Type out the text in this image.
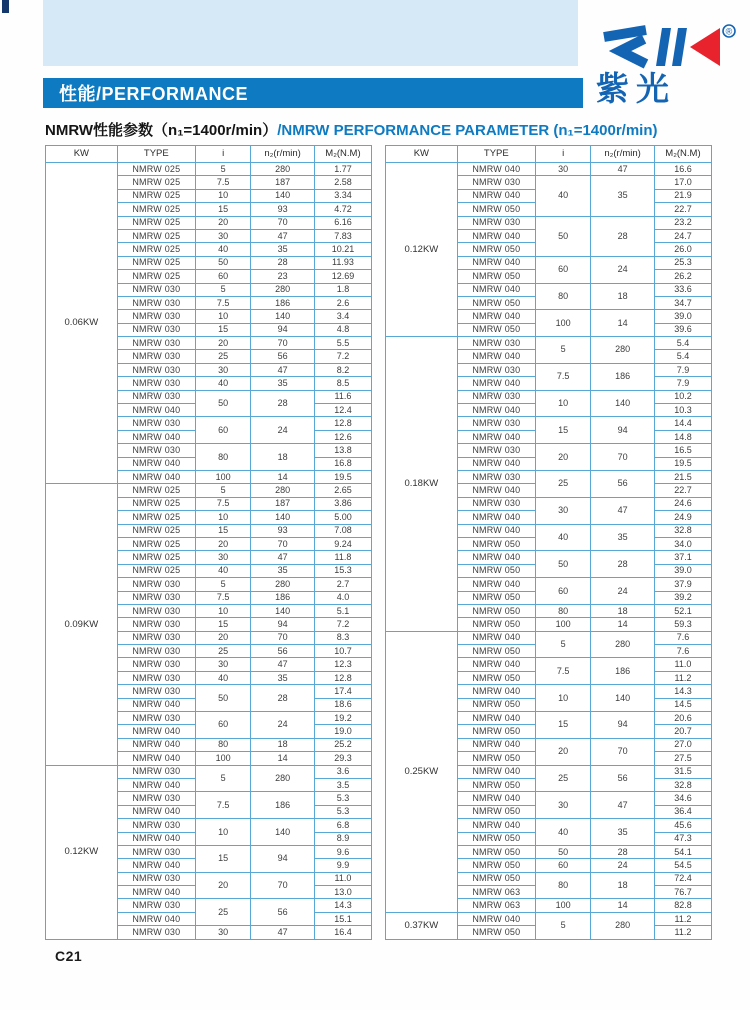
性能/PERFORMANCE
®
紫光
NMRW性能参数（n₁=1400r/min）/NMRW PERFORMANCE PARAMETER (n₁=1400r/min)
KW	TYPE	i	n₂(r/min)	M₂(N.M)
0.06KW	NMRW 025	5	280	1.77
	NMRW 025	7.5	187	2.58
	NMRW 025	10	140	3.34
	NMRW 025	15	93	4.72
	NMRW 025	20	70	6.16
	NMRW 025	30	47	7.83
	NMRW 025	40	35	10.21
	NMRW 025	50	28	11.93
	NMRW 025	60	23	12.69
	NMRW 030	5	280	1.8
	NMRW 030	7.5	186	2.6
	NMRW 030	10	140	3.4
	NMRW 030	15	94	4.8
	NMRW 030	20	70	5.5
	NMRW 030	25	56	7.2
	NMRW 030	30	47	8.2
	NMRW 030	40	35	8.5
	NMRW 030	50	28	11.6
	NMRW 040			12.4
	NMRW 030	60	24	12.8
	NMRW 040			12.6
	NMRW 030	80	18	13.8
	NMRW 040			16.8
	NMRW 040	100	14	19.5
0.09KW	NMRW 025	5	280	2.65
	NMRW 025	7.5	187	3.86
	NMRW 025	10	140	5.00
	NMRW 025	15	93	7.08
	NMRW 025	20	70	9.24
	NMRW 025	30	47	11.8
	NMRW 025	40	35	15.3
	NMRW 030	5	280	2.7
	NMRW 030	7.5	186	4.0
	NMRW 030	10	140	5.1
	NMRW 030	15	94	7.2
	NMRW 030	20	70	8.3
	NMRW 030	25	56	10.7
	NMRW 030	30	47	12.3
	NMRW 030	40	35	12.8
	NMRW 030	50	28	17.4
	NMRW 040			18.6
	NMRW 030	60	24	19.2
	NMRW 040			19.0
	NMRW 040	80	18	25.2
	NMRW 040	100	14	29.3
0.12KW	NMRW 030	5	280	3.6
	NMRW 040			3.5
	NMRW 030	7.5	186	5.3
	NMRW 040			5.3
	NMRW 030	10	140	6.8
	NMRW 040			8.9
	NMRW 030	15	94	9.6
	NMRW 040			9.9
	NMRW 030	20	70	11.0
	NMRW 040			13.0
	NMRW 030	25	56	14.3
	NMRW 040			15.1
	NMRW 030	30	47	16.4
KW	TYPE	i	n₂(r/min)	M₂(N.M)
0.12KW	NMRW 040	30	47	16.6
	NMRW 030	40	35	17.0
	NMRW 040			21.9
	NMRW 050			22.7
	NMRW 030	50	28	23.2
	NMRW 040			24.7
	NMRW 050			26.0
	NMRW 040	60	24	25.3
	NMRW 050			26.2
	NMRW 040	80	18	33.6
	NMRW 050			34.7
	NMRW 040	100	14	39.0
	NMRW 050			39.6
0.18KW	NMRW 030	5	280	5.4
	NMRW 040			5.4
	NMRW 030	7.5	186	7.9
	NMRW 040			7.9
	NMRW 030	10	140	10.2
	NMRW 040			10.3
	NMRW 030	15	94	14.4
	NMRW 040			14.8
	NMRW 030	20	70	16.5
	NMRW 040			19.5
	NMRW 030	25	56	21.5
	NMRW 040			22.7
	NMRW 030	30	47	24.6
	NMRW 040			24.9
	NMRW 040	40	35	32.8
	NMRW 050			34.0
	NMRW 040	50	28	37.1
	NMRW 050			39.0
	NMRW 040	60	24	37.9
	NMRW 050			39.2
	NMRW 050	80	18	52.1
	NMRW 050	100	14	59.3
0.25KW	NMRW 040	5	280	7.6
	NMRW 050			7.6
	NMRW 040	7.5	186	11.0
	NMRW 050			11.2
	NMRW 040	10	140	14.3
	NMRW 050			14.5
	NMRW 040	15	94	20.6
	NMRW 050			20.7
	NMRW 040	20	70	27.0
	NMRW 050			27.5
	NMRW 040	25	56	31.5
	NMRW 050			32.8
	NMRW 040	30	47	34.6
	NMRW 050			36.4
	NMRW 040	40	35	45.6
	NMRW 050			47.3
	NMRW 050	50	28	54.1
	NMRW 050	60	24	54.5
	NMRW 050	80	18	72.4
	NMRW 063			76.7
	NMRW 063	100	14	82.8
0.37KW	NMRW 040	5	280	11.2
	NMRW 050			11.2
C21
